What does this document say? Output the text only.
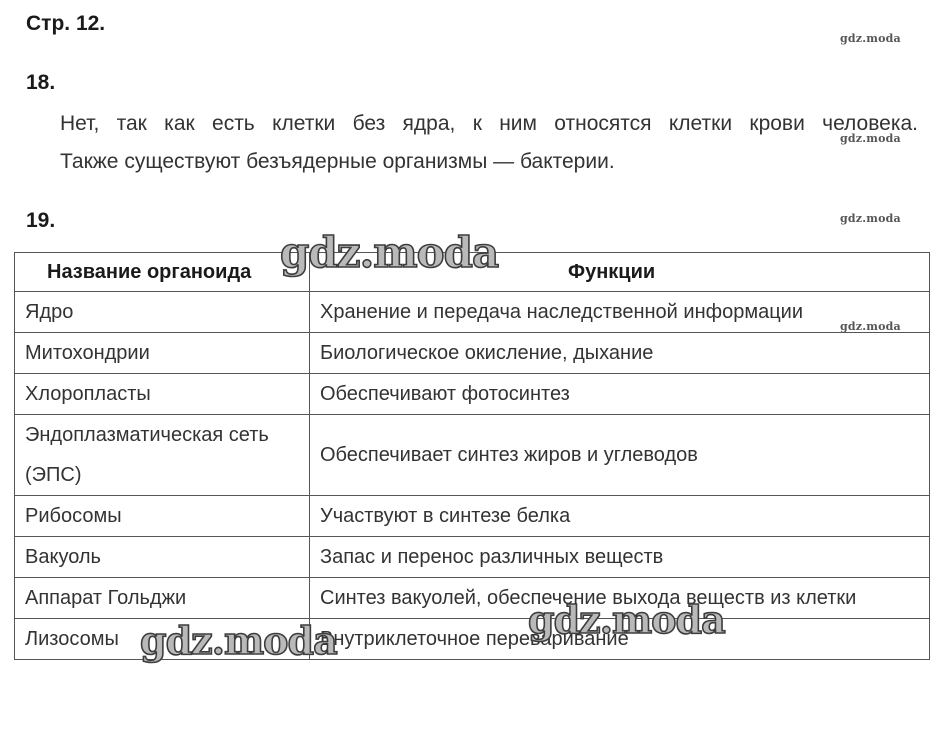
Стр. 12.
gdz.moda
gdz.moda
gdz.moda
gdz.moda
18.
Нет, так как есть клетки без ядра, к ним относятся клетки крови человека.
Также существуют безъядерные организмы — бактерии.
19.
Название органоида	Функции
Ядро	Хранение и передача наследственной информации
Митохондрии	Биологическое окисление, дыхание
Хлоропласты	Обеспечивают фотосинтез
Эндоплазматическая сеть (ЭПС)	Обеспечивает синтез жиров и углеводов
Рибосомы	Участвуют в синтезе белка
Вакуоль	Запас и перенос различных веществ
Аппарат Гольджи	Синтез вакуолей, обеспечение выхода веществ из клетки
Лизосомы	Внутриклеточное переваривание
gdz.moda
gdz.moda	gdz.moda
